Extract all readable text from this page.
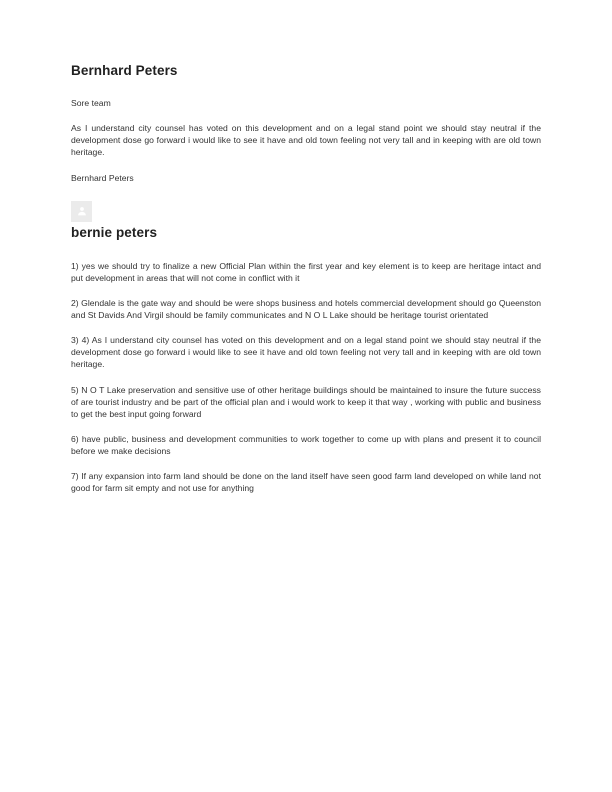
Bernhard Peters

Sore team

As I understand city counsel has voted on this development and on a legal stand point we should stay neutral if the development dose go forward i would like to see it have and old town feeling not very tall and in keeping with are old town heritage.

Bernhard Peters

bernie peters

1) yes we should try to finalize a new Official Plan within the first year and key element is to keep are heritage intact and put development in areas that will not come in conflict with it

2) Glendale is the gate way and should be were shops business and hotels commercial development should go Queenston and St Davids And Virgil should be family communicates and N O L Lake should be heritage tourist orientated

3) 4) As I understand city counsel has voted on this development and on a legal stand point we should stay neutral if the development dose go forward i would like to see it have and old town feeling not very tall and in keeping with are old town heritage.

5) N O T Lake preservation and sensitive use of other heritage buildings should be maintained to insure the future success of are tourist industry and be part of the official plan and i would work to keep it that way , working with public and business to get the best input going forward

6) have public, business and development communities to work together to come up with plans and present it to council before we make decisions

7) If any expansion into farm land should be done on the land itself have seen good farm land developed on while land not good for farm sit empty and not use for anything
